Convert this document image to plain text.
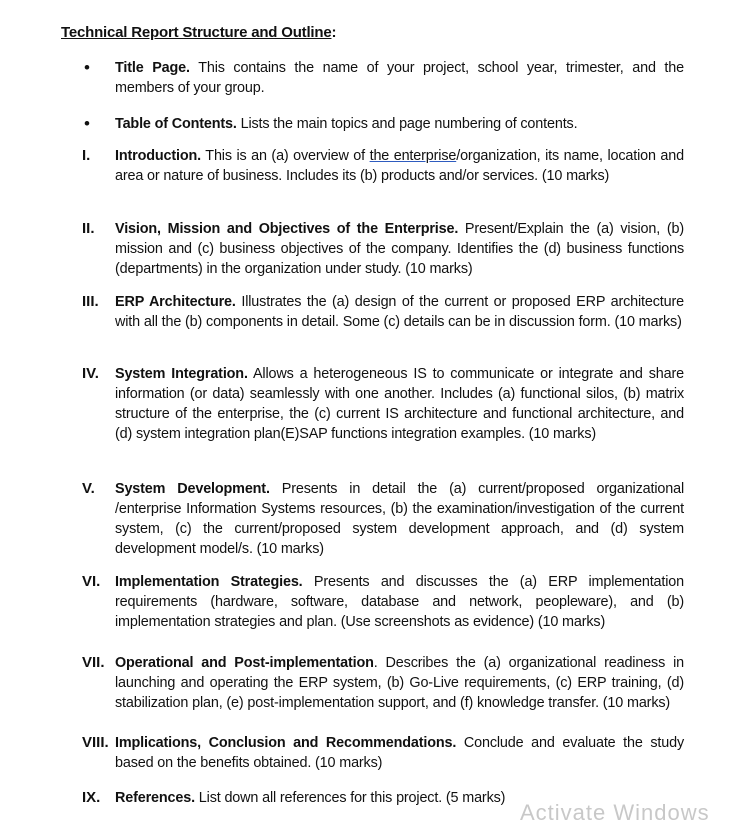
Technical Report Structure and Outline:
• Title Page. This contains the name of your project, school year, trimester, and the members of your group.
• Table of Contents. Lists the main topics and page numbering of contents.
I. Introduction. This is an (a) overview of the enterprise/organization, its name, location and area or nature of business. Includes its (b) products and/or services. (10 marks)
II. Vision, Mission and Objectives of the Enterprise. Present/Explain the (a) vision, (b) mission and (c) business objectives of the company. Identifies the (d) business functions (departments) in the organization under study. (10 marks)
III. ERP Architecture. Illustrates the (a) design of the current or proposed ERP architecture with all the (b) components in detail. Some (c) details can be in discussion form. (10 marks)
IV. System Integration. Allows a heterogeneous IS to communicate or integrate and share information (or data) seamlessly with one another. Includes (a) functional silos, (b) matrix structure of the enterprise, the (c) current IS architecture and functional architecture, and (d) system integration plan(E)SAP functions integration examples. (10 marks)
V. System Development. Presents in detail the (a) current/proposed organizational /enterprise Information Systems resources, (b) the examination/investigation of the current system, (c) the current/proposed system development approach, and (d) system development model/s. (10 marks)
VI. Implementation Strategies. Presents and discusses the (a) ERP implementation requirements (hardware, software, database and network, peopleware), and (b) implementation strategies and plan. (Use screenshots as evidence) (10 marks)
VII. Operational and Post-implementation. Describes the (a) organizational readiness in launching and operating the ERP system, (b) Go-Live requirements, (c) ERP training, (d) stabilization plan, (e) post-implementation support, and (f) knowledge transfer. (10 marks)
VIII. Implications, Conclusion and Recommendations. Conclude and evaluate the study based on the benefits obtained. (10 marks)
IX. References. List down all references for this project. (5 marks)
Activate Windows
